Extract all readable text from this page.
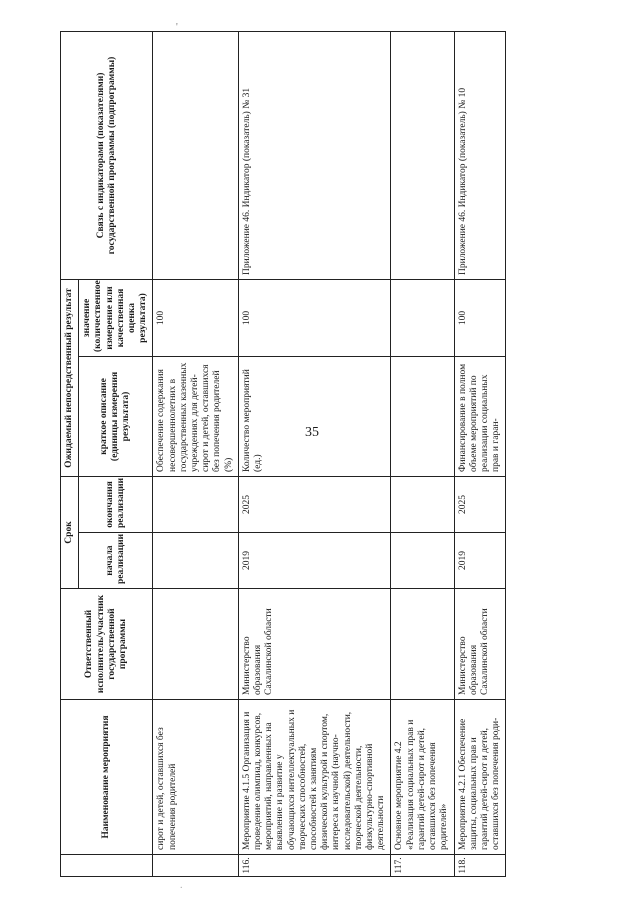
'
.
35
	Наименование мероприятия	Ответственный исполнитель/участник государственной программы	Срок		Ожидаемый непосредственный результат		Связь с индикаторами (показателями) государственной программы (подпрограммы)
			начала реализации	окончания реализации	краткое описание (единицы измерения результата)	значение (количественное измерение или качественная оценка результата)	
	сирот и детей, оставшихся без попечения родителей				Обеспечение содержания несовершеннолетних в государственных казенных учреждениях для детей-сирот и детей, оставшихся без попечения родителей (%)	100	
116.	Мероприятие 4.1.5 Организация и проведение олимпиад, конкурсов, мероприятий, направленных на выявление и развитие у обучающихся интеллектуальных и творческих способностей, способностей к занятиям физической культурой и спортом, интереса к научной (научно-исследовательской) деятельности, творческой деятельности, физкультурно-спортивной деятельности	Министерство образования Сахалинской области	2019	2025	Количество мероприятий (ед.)	100	Приложение 46. Индикатор (показатель) № 31
117.	Основное мероприятие 4.2 «Реализация социальных прав и гарантий детей-сирот и детей, оставшихся без попечения родителей»						
118.	Мероприятие 4.2.1 Обеспечение защиты, социальных прав и гарантий детей-сирот и детей, оставшихся без попечения роди-	Министерство образования Сахалинской области	2019	2025	Финансирование в полном объеме мероприятий по реализации социальных прав и гаран-	100	Приложение 46. Индикатор (показатель) № 10
